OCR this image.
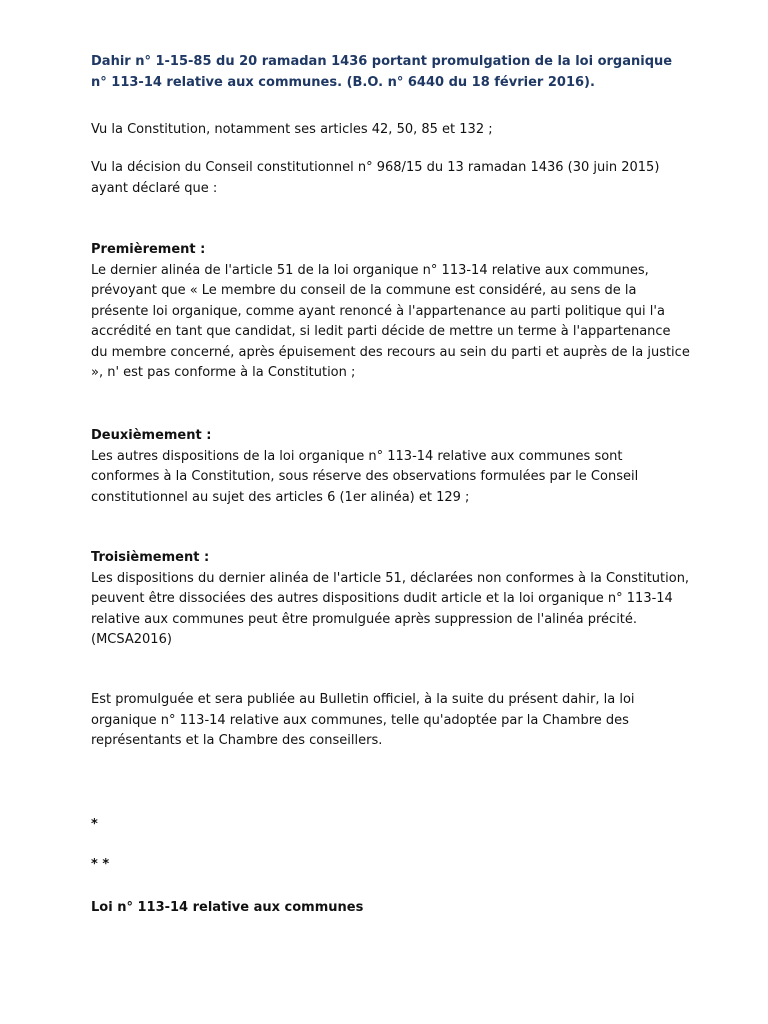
Dahir n° 1-15-85 du 20 ramadan 1436 portant promulgation de la loi organique n° 113-14 relative aux communes. (B.O. n° 6440 du 18 février 2016).

Vu la Constitution, notamment ses articles 42, 50, 85 et 132 ;

Vu la décision du Conseil constitutionnel n° 968/15 du 13 ramadan 1436 (30 juin 2015) ayant déclaré que :

Premièrement :
Le dernier alinéa de l'article 51 de la loi organique n° 113-14 relative aux communes, prévoyant que « Le membre du conseil de la commune est considéré, au sens de la présente loi organique, comme ayant renoncé à l'appartenance au parti politique qui l'a accrédité en tant que candidat, si ledit parti décide de mettre un terme à l'appartenance du membre concerné, après épuisement des recours au sein du parti et auprès de la justice », n' est pas conforme à la Constitution ;
Deuxièmement :
Les autres dispositions de la loi organique n° 113-14 relative aux communes sont conformes à la Constitution, sous réserve des observations formulées par le Conseil constitutionnel au sujet des articles 6 (1er alinéa) et 129 ;
Troisièmement :
Les dispositions du dernier alinéa de l'article 51, déclarées non conformes à la Constitution, peuvent être dissociées des autres dispositions dudit article et la loi organique n° 113-14 relative aux communes peut être promulguée après suppression de l'alinéa précité. (MCSA2016)

Est promulguée et sera publiée au Bulletin officiel, à la suite du présent dahir, la loi organique n° 113-14 relative aux communes, telle qu'adoptée par la Chambre des représentants et la Chambre des conseillers.

*

* *

Loi n° 113-14 relative aux communes
